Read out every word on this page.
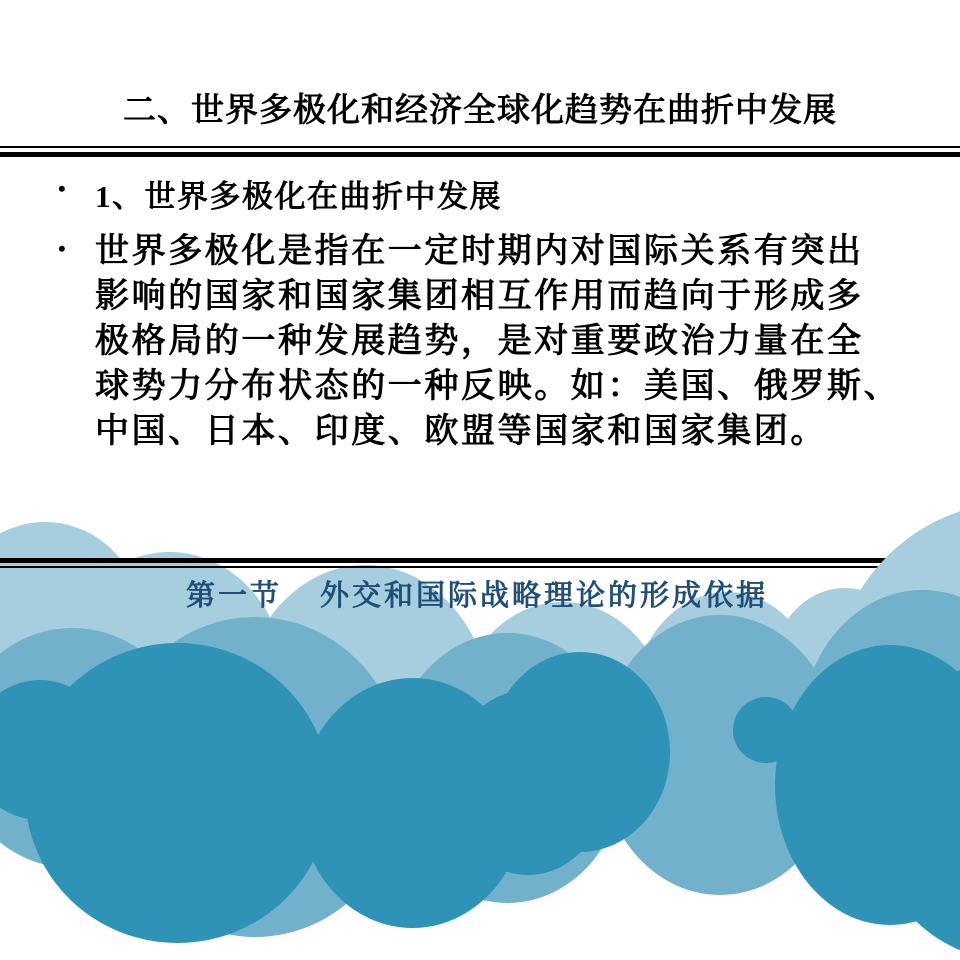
二、世界多极化和经济全球化趋势在曲折中发展
• 1、世界多极化在曲折中发展
• 世界多极化是指在一定时期内对国际关系有突出
影响的国家和国家集团相互作用而趋向于形成多
极格局的一种发展趋势，是对重要政治力量在全
球势力分布状态的一种反映。如：美国、俄罗斯、
中国、日本、印度、欧盟等国家和国家集团。
第一节 外交和国际战略理论的形成依据
